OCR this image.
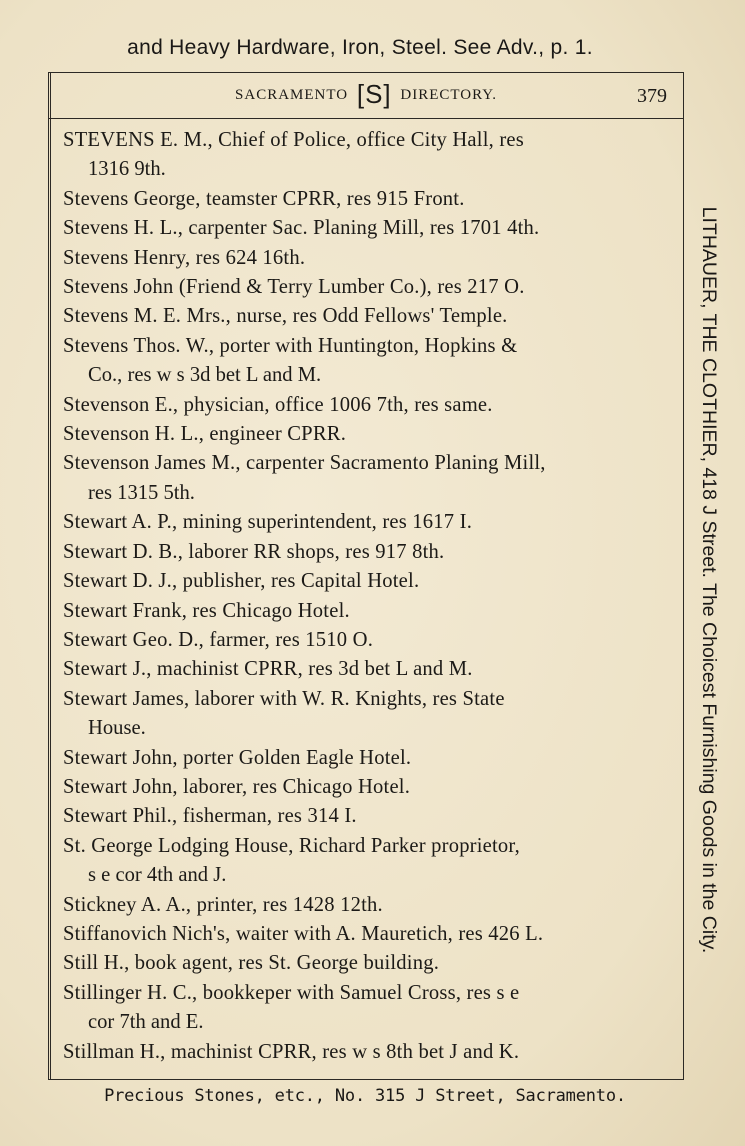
and Heavy Hardware, Iron, Steel. See Adv., p. 1.
SACRAMENTO [S] DIRECTORY.	379
STEVENS E. M., Chief of Police, office City Hall, res
1316 9th.
Stevens George, teamster CPRR, res 915 Front.
Stevens H. L., carpenter Sac. Planing Mill, res 1701 4th.
Stevens Henry, res 624 16th.
Stevens John (Friend & Terry Lumber Co.), res 217 O.
Stevens M. E. Mrs., nurse, res Odd Fellows' Temple.
Stevens Thos. W., porter with Huntington, Hopkins &
Co., res w s 3d bet L and M.
Stevenson E., physician, office 1006 7th, res same.
Stevenson H. L., engineer CPRR.
Stevenson James M., carpenter Sacramento Planing Mill,
res 1315 5th.
Stewart A. P., mining superintendent, res 1617 I.
Stewart D. B., laborer RR shops, res 917 8th.
Stewart D. J., publisher, res Capital Hotel.
Stewart Frank, res Chicago Hotel.
Stewart Geo. D., farmer, res 1510 O.
Stewart J., machinist CPRR, res 3d bet L and M.
Stewart James, laborer with W. R. Knights, res State
House.
Stewart John, porter Golden Eagle Hotel.
Stewart John, laborer, res Chicago Hotel.
Stewart Phil., fisherman, res 314 I.
St. George Lodging House, Richard Parker proprietor,
s e cor 4th and J.
Stickney A. A., printer, res 1428 12th.
Stiffanovich Nich's, waiter with A. Mauretich, res 426 L.
Still H., book agent, res St. George building.
Stillinger H. C., bookkeper with Samuel Cross, res s e
cor 7th and E.
Stillman H., machinist CPRR, res w s 8th bet J and K.
LITHAUER, THE CLOTHIER, 418 J Street. The Choicest Furnishing Goods in the City.
Precious Stones, etc., No. 315 J Street, Sacramento.
